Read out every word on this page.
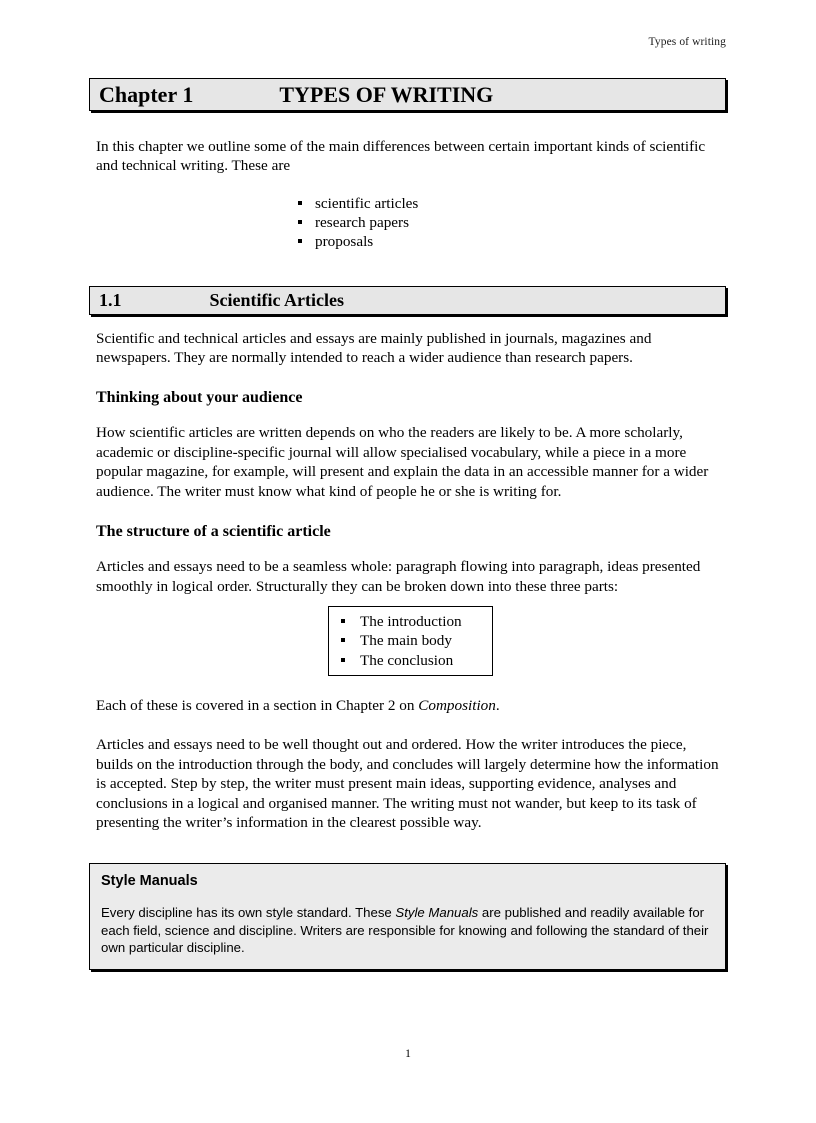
Types of writing
Chapter 1	TYPES OF WRITING

In this chapter we outline some of the main differences between certain important kinds of scientific and technical writing. These are

scientific articles
research papers
proposals
1.1	Scientific Articles

Scientific and technical articles and essays are mainly published in journals, magazines and newspapers. They are normally intended to reach a wider audience than research papers.

Thinking about your audience

How scientific articles are written depends on who the readers are likely to be. A more scholarly, academic or discipline-specific journal will allow specialised vocabulary, while a piece in a more popular magazine, for example, will present and explain the data in an accessible manner for a wider audience. The writer must know what kind of people he or she is writing for.

The structure of a scientific article

Articles and essays need to be a seamless whole: paragraph flowing into paragraph, ideas presented smoothly in logical order. Structurally they can be broken down into these three parts:

The introduction
The main body
The conclusion

Each of these is covered in a section in Chapter 2 on Composition.

Articles and essays need to be well thought out and ordered. How the writer introduces the piece, builds on the introduction through the body, and concludes will largely determine how the information is accepted. Step by step, the writer must present main ideas, supporting evidence, analyses and conclusions in a logical and organised manner. The writing must not wander, but keep to its task of presenting the writer’s information in the clearest possible way.

Style Manuals

Every discipline has its own style standard. These Style Manuals are published and readily available for each field, science and discipline. Writers are responsible for knowing and following the standard of their own particular discipline.

1
